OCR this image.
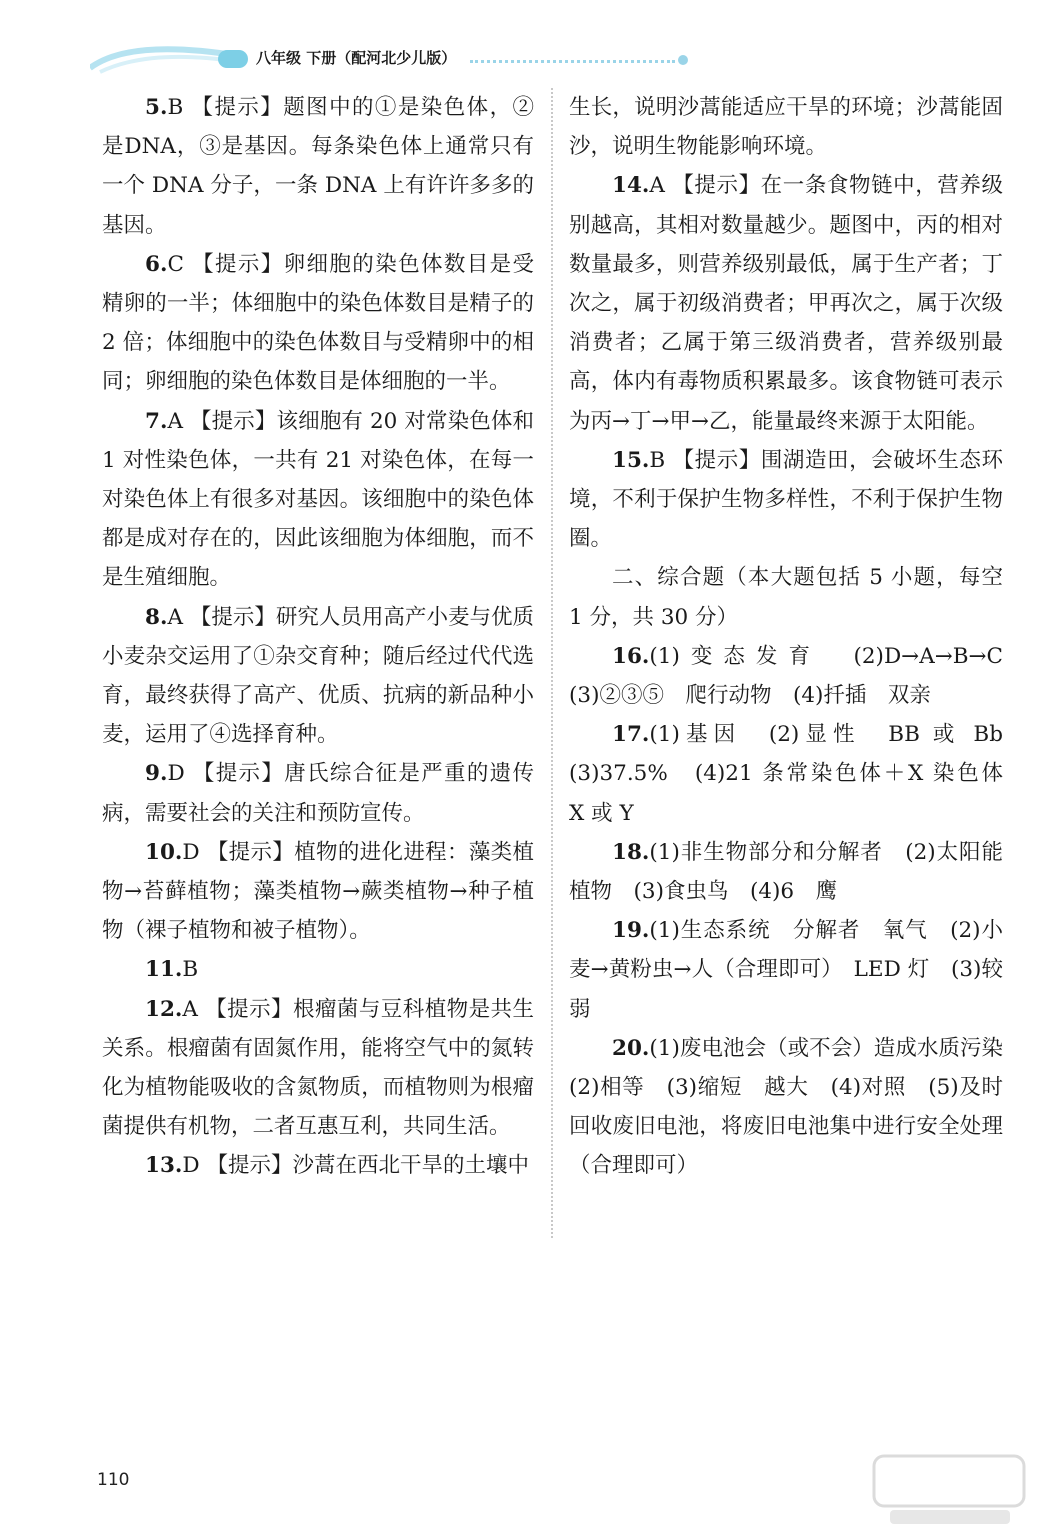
八年级 下册（配河北少儿版）

5.B 【提示】题图中的①是染色体，②是DNA，③是基因。每条染色体上通常只有一个 DNA 分子，一条 DNA 上有许许多多的基因。

6.C 【提示】卵细胞的染色体数目是受精卵的一半；体细胞中的染色体数目是精子的 2 倍；体细胞中的染色体数目与受精卵中的相同；卵细胞的染色体数目是体细胞的一半。

7.A 【提示】该细胞有 20 对常染色体和 1 对性染色体，一共有 21 对染色体，在每一对染色体上有很多对基因。该细胞中的染色体都是成对存在的，因此该细胞为体细胞，而不是生殖细胞。

8.A 【提示】研究人员用高产小麦与优质小麦杂交运用了①杂交育种；随后经过代代选育，最终获得了高产、优质、抗病的新品种小麦，运用了④选择育种。

9.D 【提示】唐氏综合征是严重的遗传病，需要社会的关注和预防宣传。

10.D 【提示】植物的进化进程：藻类植物→苔藓植物；藻类植物→蕨类植物→种子植物（裸子植物和被子植物）。

11.B

12.A 【提示】根瘤菌与豆科植物是共生关系。根瘤菌有固氮作用，能将空气中的氮转化为植物能吸收的含氮物质，而植物则为根瘤菌提供有机物，二者互惠互利，共同生活。

13.D 【提示】沙蒿在西北干旱的土壤中

生长，说明沙蒿能适应干旱的环境；沙蒿能固沙，说明生物能影响环境。

14.A 【提示】在一条食物链中，营养级别越高，其相对数量越少。题图中，丙的相对数量最多，则营养级别最低，属于生产者；丁次之，属于初级消费者；甲再次之，属于次级消费者；乙属于第三级消费者，营养级别最高，体内有毒物质积累最多。该食物链可表示为丙→丁→甲→乙，能量最终来源于太阳能。

15.B 【提示】围湖造田，会破坏生态环境，不利于保护生物多样性，不利于保护生物圈。

二、综合题（本大题包括 5 小题，每空 1 分，共 30 分）

16.(1)变态发育　(2)D→A→B→C　(3)②③⑤　爬行动物　(4)扦插　双亲

17.(1)基因　(2)显性　BB 或 Bb　(3)37.5%　(4)21 条常染色体＋X 染色体　X 或 Y

18.(1)非生物部分和分解者　(2)太阳能　植物　(3)食虫鸟　(4)6　鹰

19.(1)生态系统　分解者　氧气　(2)小麦→黄粉虫→人（合理即可）　LED 灯　(3)较弱

20.(1)废电池会（或不会）造成水质污染　(2)相等　(3)缩短　越大　(4)对照　(5)及时回收废旧电池，将废旧电池集中进行安全处理（合理即可）

110
